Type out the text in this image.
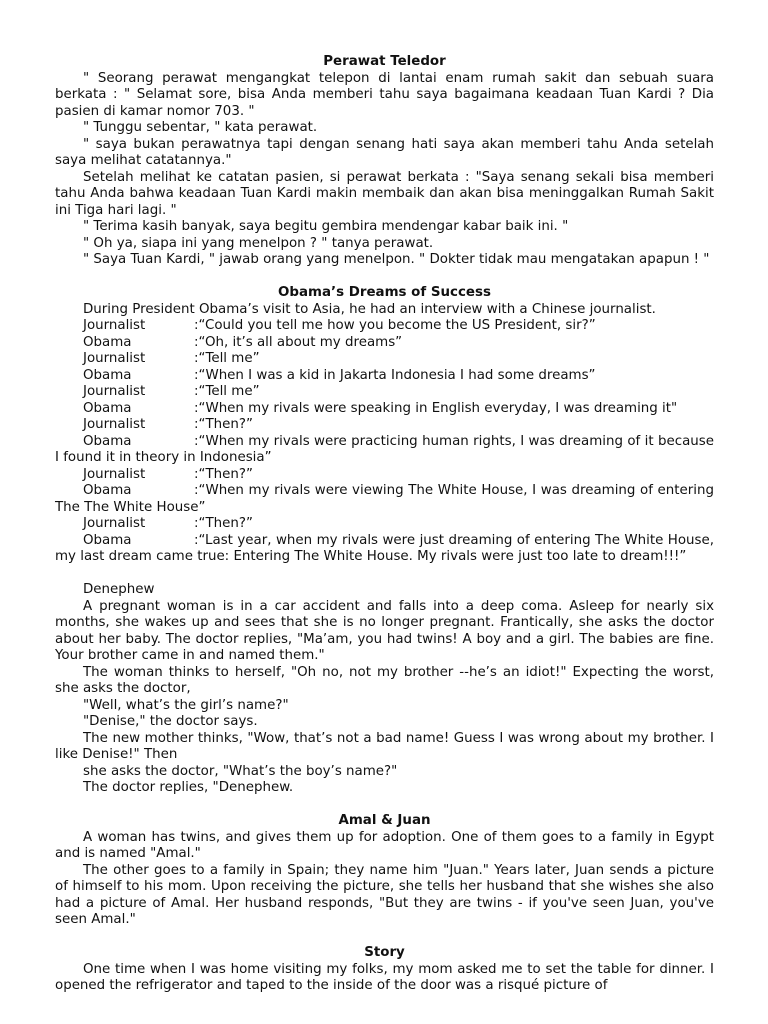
Perawat Teledor

" Seorang perawat mengangkat telepon di lantai enam rumah sakit dan sebuah suara berkata : " Selamat sore, bisa Anda memberi tahu saya bagaimana keadaan Tuan Kardi ? Dia pasien di kamar nomor 703. "

" Tunggu sebentar, " kata perawat.

" saya bukan perawatnya tapi dengan senang hati saya akan memberi tahu Anda setelah saya melihat catatannya."

Setelah melihat ke catatan pasien, si perawat berkata : "Saya senang sekali bisa memberi tahu Anda bahwa keadaan Tuan Kardi makin membaik dan akan bisa meninggalkan Rumah Sakit ini Tiga hari lagi. "

" Terima kasih banyak, saya begitu gembira mendengar kabar baik ini. "

" Oh ya, siapa ini yang menelpon ? " tanya perawat.

" Saya Tuan Kardi, " jawab orang yang menelpon. " Dokter tidak mau mengatakan apapun ! "

Obama’s Dreams of Success

During President Obama’s visit to Asia, he had an interview with a Chinese journalist.

Journalist	:“Could you tell me how you become the US President, sir?”
Obama	:“Oh, it’s all about my dreams”
Journalist	:“Tell me”
Obama	:“When I was a kid in Jakarta Indonesia I had some dreams”
Journalist	:“Tell me”
Obama	:“When my rivals were speaking in English everyday, I was dreaming it"
Journalist	:“Then?”
Obama	:“When my rivals were practicing human rights, I was dreaming of it because I found it in theory in Indonesia”
Journalist	:“Then?”
Obama	:“When my rivals were viewing The White House, I was dreaming of entering The The White House”
Journalist	:“Then?”
Obama	:“Last year, when my rivals were just dreaming of entering The White House, my last dream came true: Entering The White House. My rivals were just too late to dream!!!”

Denephew

A pregnant woman is in a car accident and falls into a deep coma. Asleep for nearly six months, she wakes up and sees that she is no longer pregnant. Frantically, she asks the doctor about her baby. The doctor replies, "Ma’am, you had twins! A boy and a girl. The babies are fine. Your brother came in and named them."

The woman thinks to herself, "Oh no, not my brother --he’s an idiot!" Expecting the worst, she asks the doctor,

"Well, what’s the girl’s name?"

"Denise," the doctor says.

The new mother thinks, "Wow, that’s not a bad name! Guess I was wrong about my brother. I like Denise!" Then

she asks the doctor, "What’s the boy’s name?"

The doctor replies, "Denephew.

Amal & Juan

A woman has twins, and gives them up for adoption. One of them goes to a family in Egypt and is named "Amal."

The other goes to a family in Spain; they name him "Juan." Years later, Juan sends a picture of himself to his mom. Upon receiving the picture, she tells her husband that she wishes she also had a picture of Amal. Her husband responds, "But they are twins - if you've seen Juan, you've seen Amal."

Story

One time when I was home visiting my folks, my mom asked me to set the table for dinner. I opened the refrigerator and taped to the inside of the door was a risqué picture of
